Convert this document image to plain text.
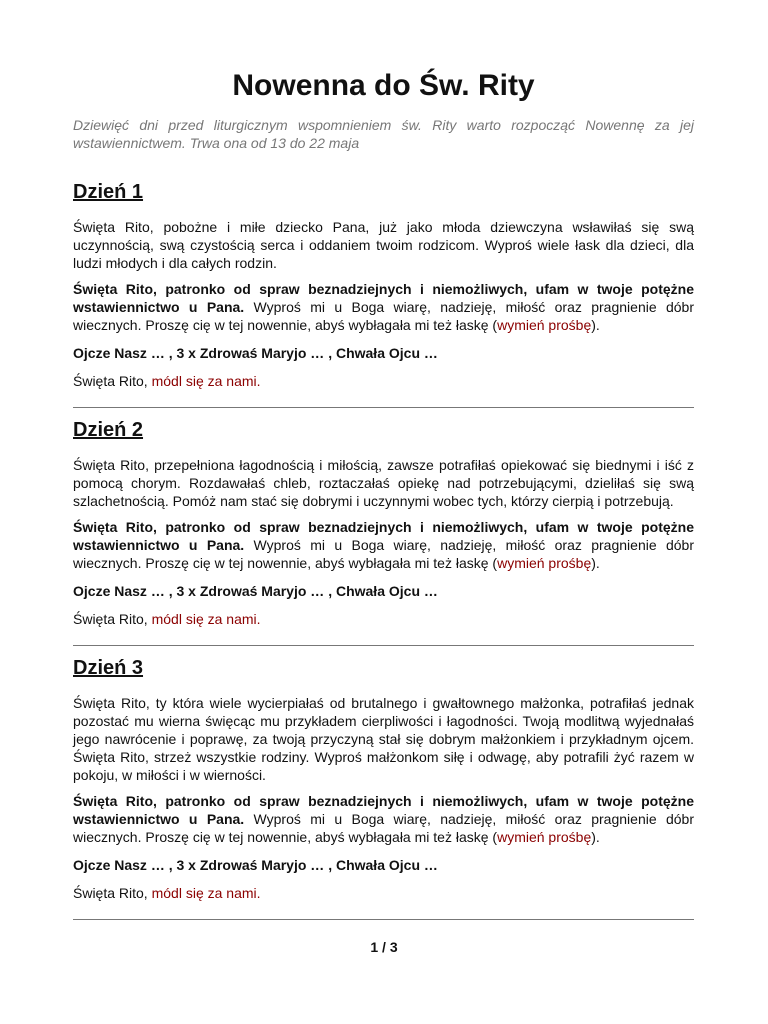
Nowenna do Św. Rity

Dziewięć dni przed liturgicznym wspomnieniem św. Rity warto rozpocząć Nowennę za jej wstawiennictwem. Trwa ona od 13 do 22 maja

Dzień 1

Święta Rito, pobożne i miłe dziecko Pana, już jako młoda dziewczyna wsławiłaś się swą uczynnością, swą czystością serca i oddaniem twoim rodzicom. Wyproś wiele łask dla dzieci, dla ludzi młodych i dla całych rodzin.

Święta Rito, patronko od spraw beznadziejnych i niemożliwych, ufam w twoje potężne wstawiennictwo u Pana. Wyproś mi u Boga wiarę, nadzieję, miłość oraz pragnienie dóbr wiecznych. Proszę cię w tej nowennie, abyś wybłagała mi też łaskę (wymień prośbę).

Ojcze Nasz … , 3 x Zdrowaś Maryjo … , Chwała Ojcu …

Święta Rito, módl się za nami.

Dzień 2

Święta Rito, przepełniona łagodnością i miłością, zawsze potrafiłaś opiekować się biednymi i iść z pomocą chorym. Rozdawałaś chleb, roztaczałaś opiekę nad potrzebującymi, dzieliłaś się swą szlachetnością. Pomóż nam stać się dobrymi i uczynnymi wobec tych, którzy cierpią i potrzebują.

Święta Rito, patronko od spraw beznadziejnych i niemożliwych, ufam w twoje potężne wstawiennictwo u Pana. Wyproś mi u Boga wiarę, nadzieję, miłość oraz pragnienie dóbr wiecznych. Proszę cię w tej nowennie, abyś wybłagała mi też łaskę (wymień prośbę).

Ojcze Nasz … , 3 x Zdrowaś Maryjo … , Chwała Ojcu …

Święta Rito, módl się za nami.

Dzień 3

Święta Rito, ty która wiele wycierpiałaś od brutalnego i gwałtownego małżonka, potrafiłaś jednak pozostać mu wierna święcąc mu przykładem cierpliwości i łagodności. Twoją modlitwą wyjednałaś jego nawrócenie i poprawę, za twoją przyczyną stał się dobrym małżonkiem i przykładnym ojcem. Święta Rito, strzeż wszystkie rodziny. Wyproś małżonkom siłę i odwagę, aby potrafili żyć razem w pokoju, w miłości i w wierności.

Święta Rito, patronko od spraw beznadziejnych i niemożliwych, ufam w twoje potężne wstawiennictwo u Pana. Wyproś mi u Boga wiarę, nadzieję, miłość oraz pragnienie dóbr wiecznych. Proszę cię w tej nowennie, abyś wybłagała mi też łaskę (wymień prośbę).

Ojcze Nasz … , 3 x Zdrowaś Maryjo … , Chwała Ojcu …

Święta Rito, módl się za nami.

1 / 3
